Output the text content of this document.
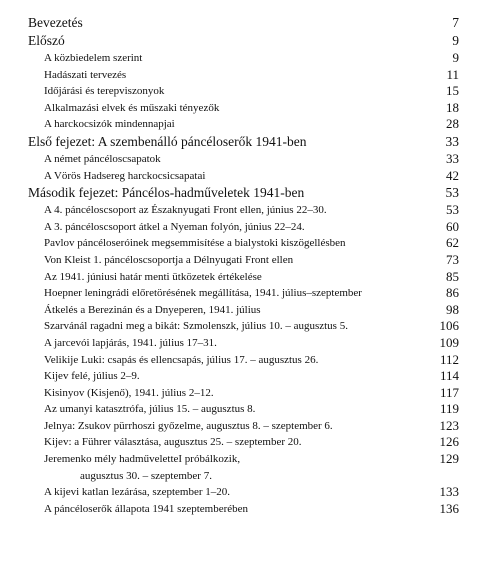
Bevezetés	7
Előszó	9
A közbiedelem szerint	9
Hadászati tervezés	11
Időjárási és terepviszonyok	15
Alkalmazási elvek és műszaki tényezők	18
A harckocsizók mindennapjai	28
Első fejezet: A szembenálló páncéloserők 1941-ben	33
A német páncéloscsapatok	33
A Vörös Hadsereg harckocsicsapatai	42
Második fejezet: Páncélos-hadműveletek 1941-ben	53
A 4. páncéloscsoport az Északnyugati Front ellen, június 22–30.	53
A 3. páncéloscsoport átkel a Nyeman folyón, június 22–24.	60
Pavlov páncéloseróinek megsemmisítése a bialystoki kiszögellésben	62
Von Kleist 1. páncéloscsoportja a Délnyugati Front ellen	73
Az 1941. júniusi határ menti ütközetek értékelése	85
Hoepner leningrádi előretörésének megállítása, 1941. július–szeptember	86
Átkelés a Berezinán és a Dnyeperen, 1941. július	98
Szarvánál ragadni meg a bikát: Szmolenszk, július 10. – augusztus 5.	106
A jarcevói lapjárás, 1941. július 17–31.	109
Velikije Luki: csapás és ellencsapás, július 17. – augusztus 26.	112
Kijev felé, július 2–9.	114
Kisinyov (Kisjenő), 1941. július 2–12.	117
Az umanyi katasztrófa, július 15. – augusztus 8.	119
Jelnya: Zsukov pürrhoszi győzelme, augusztus 8. – szeptember 6.	123
Kijev: a Führer választása, augusztus 25. – szeptember 20.	126
Jeremenko mély hadműveletteI próbálkozik,	129
augusztus 30. – szeptember 7.
A kijevi katlan lezárása, szeptember 1–20.	133
A páncéloserők állapota 1941 szeptemberében	136
